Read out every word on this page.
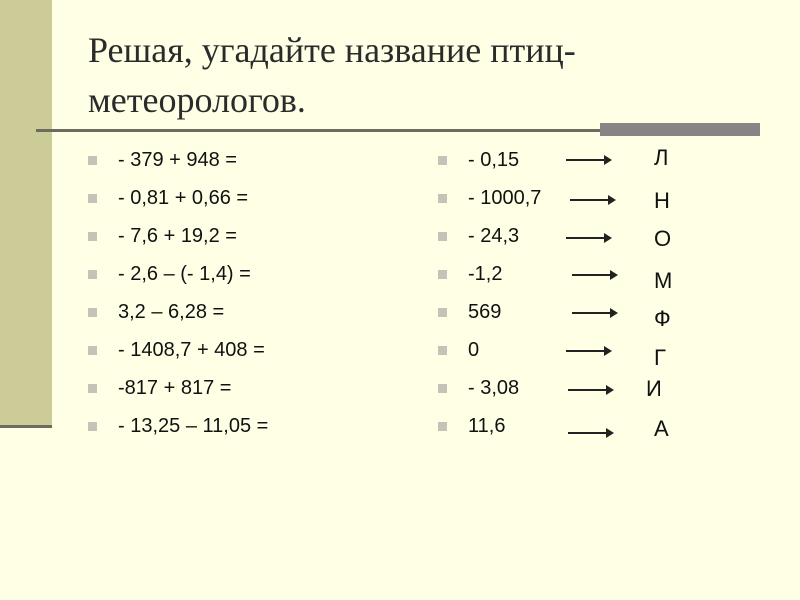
Решая, угадайте название птиц-метеорологов.
- 379 + 948 =
- 0,81 + 0,66 =
- 7,6 + 19,2 =
- 2,6 – (- 1,4) =
3,2 – 6,28 =
- 1408,7 + 408 =
-817 + 817 =
- 13,25 – 11,05 =
- 0,15
- 1000,7
- 24,3
-1,2
569
0
- 3,08
11,6
Л
Н
О
М
Ф
Г
И
А
